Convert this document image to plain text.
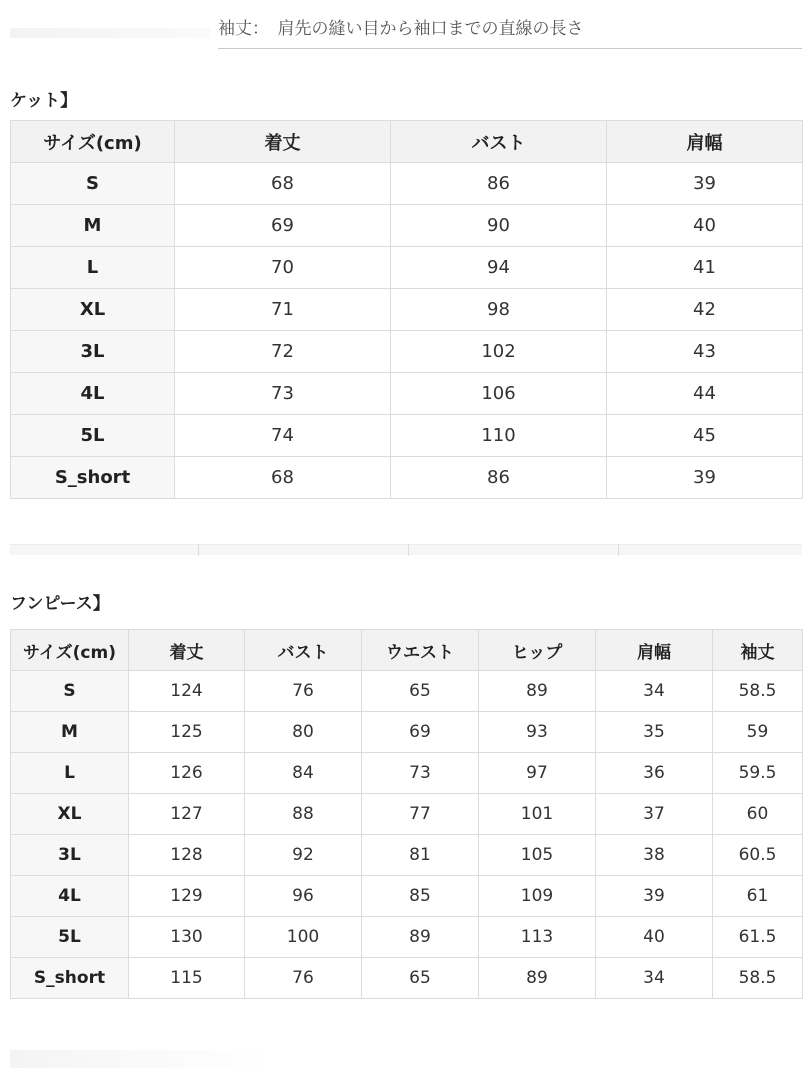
袖丈：　肩先の縫い目から袖口までの直線の長さ
ケット】
サイズ(cm)	着丈	バスト	肩幅
S	68	86	39
M	69	90	40
L	70	94	41
XL	71	98	42
3L	72	102	43
4L	73	106	44
5L	74	110	45
S_short	68	86	39
フンピース】
サイズ(cm)	着丈	バスト	ウエスト	ヒップ	肩幅	袖丈
S	124	76	65	89	34	58.5
M	125	80	69	93	35	59
L	126	84	73	97	36	59.5
XL	127	88	77	101	37	60
3L	128	92	81	105	38	60.5
4L	129	96	85	109	39	61
5L	130	100	89	113	40	61.5
S_short	115	76	65	89	34	58.5
